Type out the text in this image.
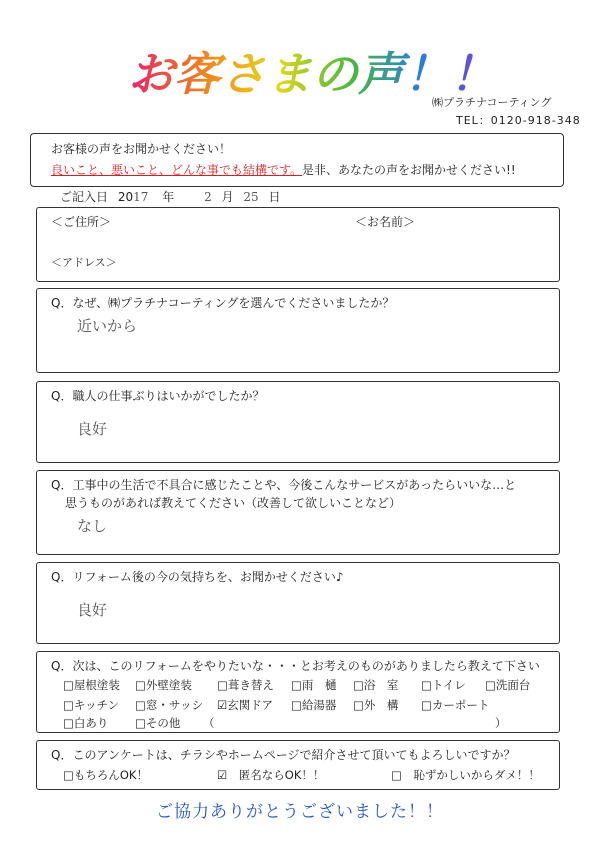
お客さまの声！！
㈱プラチナコーティング
TEL：0120-918-348
お客様の声をお聞かせください！
良いこと、悪いこと、どんな事でも結構です。是非、あなたの声をお聞かせください!!
ご記入日 2017 年 2 月 25 日
＜ご住所＞	＜お名前＞
＜アドレス＞
Q．なぜ、㈱プラチナコーティングを選んでくださいましたか？
近いから
Q．職人の仕事ぶりはいかがでしたか？
良好
Q．工事中の生活で不具合に感じたことや、今後こんなサービスがあったらいいな…と
思うものがあれば教えてください（改善して欲しいことなど）
なし
Q．リフォーム後の今の気持ちを、お聞かせください♪
良好
Q．次は、このリフォームをやりたいな・・・とお考えのものがありましたら教えて下さい
□屋根塗装 □外壁塗装 □葺き替え □雨　樋 □浴　室 □トイレ □洗面台
□キッチン □窓・サッシ ☑玄関ドア □給湯器 □外　構 □カーポート
□白あり □その他 （	）
Q．このアンケートは、チラシやホームページで紹介させて頂いてもよろしいですか？
□もちろんOK！	☑　匿名ならOK！！	□　恥ずかしいからダメ！！
ご協力ありがとうございました！！
